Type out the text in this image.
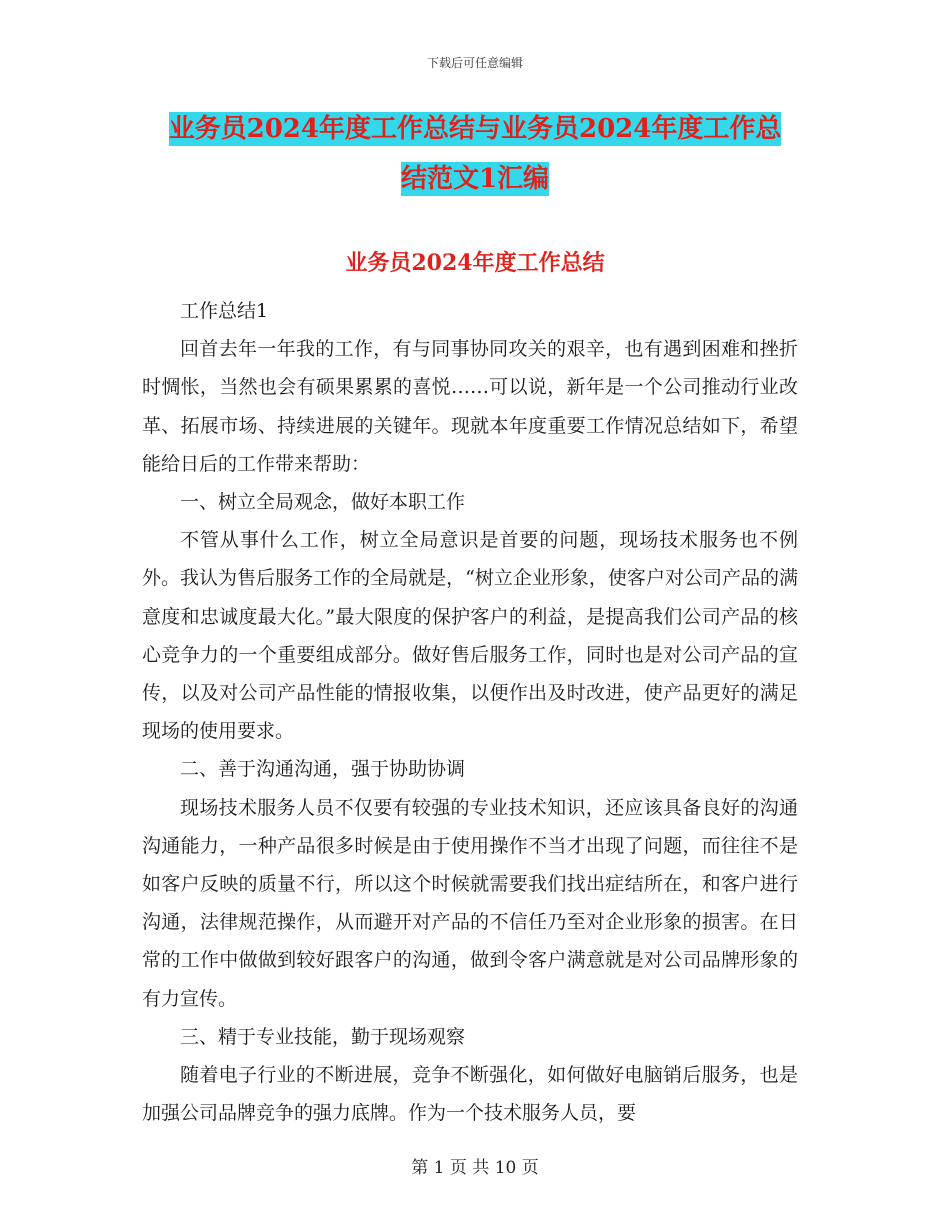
下载后可任意编辑
业务员2024年度工作总结与业务员2024年度工作总
结范文1汇编
业务员2024年度工作总结

工作总结1

回首去年一年我的工作，有与同事协同攻关的艰辛，也有遇到困难和挫折时惆怅，当然也会有硕果累累的喜悦……可以说，新年是一个公司推动行业改革、拓展市场、持续进展的关键年。现就本年度重要工作情况总结如下，希望能给日后的工作带来帮助：

一、树立全局观念，做好本职工作

不管从事什么工作，树立全局意识是首要的问题，现场技术服务也不例外。我认为售后服务工作的全局就是，“树立企业形象，使客户对公司产品的满意度和忠诚度最大化。”最大限度的保护客户的利益，是提高我们公司产品的核心竞争力的一个重要组成部分。做好售后服务工作，同时也是对公司产品的宣传，以及对公司产品性能的情报收集，以便作出及时改进，使产品更好的满足现场的使用要求。

二、善于沟通沟通，强于协助协调

现场技术服务人员不仅要有较强的专业技术知识，还应该具备良好的沟通沟通能力，一种产品很多时候是由于使用操作不当才出现了问题，而往往不是如客户反映的质量不行，所以这个时候就需要我们找出症结所在，和客户进行沟通，法律规范操作，从而避开对产品的不信任乃至对企业形象的损害。在日常的工作中做做到较好跟客户的沟通，做到令客户满意就是对公司品牌形象的有力宣传。

三、精于专业技能，勤于现场观察

随着电子行业的不断进展，竞争不断强化，如何做好电脑销后服务，也是加强公司品牌竞争的强力底牌。作为一个技术服务人员，要

第 1 页 共 10 页
